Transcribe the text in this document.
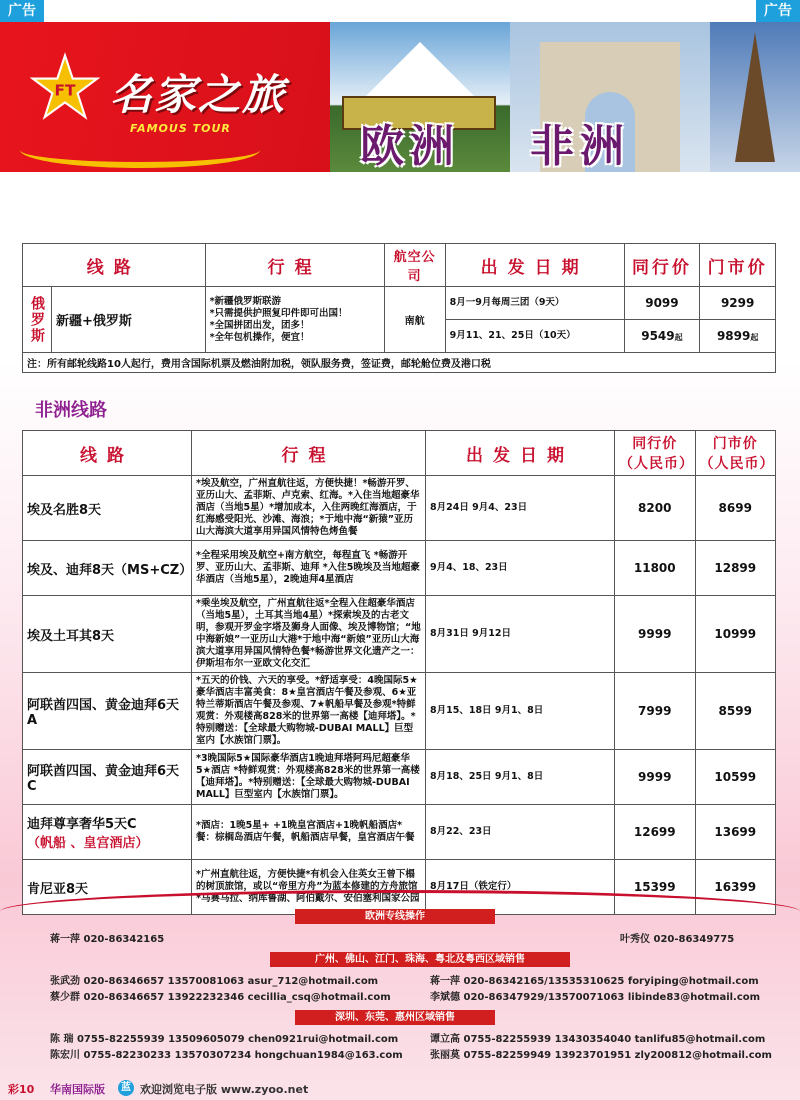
广告	广告
FT 名家之旅
FAMOUS TOUR	欧洲 非洲
线路		行程	航空公司	出发日期	同行价	门市价
俄罗斯	新疆+俄罗斯	*新疆俄罗斯联游
*只需提供护照复印件即可出国！
*全国拼团出发，团多！
*全年包机操作，便宜！	南航	8月一9月每周三团（9天）	9099	9299
				9月11、21、25日（10天）	9549起	9899起
注：所有邮轮线路10人起行，费用含国际机票及燃油附加税，领队服务费，签证费，邮轮舱位费及港口税						
非洲线路
线路	行程	出发日期	同行价（人民币）	门市价（人民币）

埃及名胜8天	*埃及航空，广州直航往返，方便快捷！*畅游开罗、亚历山大、孟菲斯、卢克索、红海。*入住当地超豪华酒店（当地5星）*增加成本，入住两晚红海酒店，于红海感受阳光、沙滩、海浪；*于地中海“新猿”亚历山大海滨大道享用异国风情特色烤鱼餐	8月24日 9月4、23日	8200	8699

埃及、迪拜8天（MS+CZ）	*全程采用埃及航空+南方航空，每程直飞 *畅游开罗、亚历山大、孟菲斯、迪拜 *入住5晚埃及当地超豪华酒店（当地5星），2晚迪拜4星酒店	9月4、18、23日	11800	12899

埃及土耳其8天	*乘坐埃及航空，广州直航往返*全程入住超豪华酒店（当地5星），土耳其当地4星）*探索埃及的古老文明，参观开罗金字塔及狮身人面像、埃及博物馆；“地中海新娘”一亚历山大港*于地中海“新娘”亚历山大海滨大道享用异国风情特色餐*畅游世界文化遗产之一：伊斯坦布尔一亚欧文化交汇	8月31日 9月12日	9999	10999

阿联酋四国、黄金迪拜6天A	*五天的价钱、六天的享受。*舒适享受：4晚国际5★豪华酒店丰富美食：8★皇宫酒店午餐及参观、6★亚特兰蒂斯酒店午餐及参观、7★帆船早餐及参观*特鲜观赏：外观楼高828米的世界第一高楼【迪拜塔】。*特别赠送：【全球最大购物城-DUBAI MALL】巨型室内【水族馆门票】。	8月15、18日 9月1、8日	7999	8599

阿联酋四国、黄金迪拜6天C	*3晚国际5★国际豪华酒店1晚迪拜塔阿玛尼超豪华5★酒店 *特鲜观赏：外观楼高828米的世界第一高楼【迪拜塔】。*特别赠送：【全球最大购物城-DUBAI MALL】巨型室内【水族馆门票】。	8月18、25日 9月1、8日	9999	10599

迪拜尊享奢华5天C
（帆船 、皇宫酒店）	*酒店：1晚5星+ +1晚皇宫酒店+1晚帆船酒店*餐：棕榈岛酒店午餐，帆船酒店早餐，皇宫酒店午餐	8月22、23日	12699	13699

肯尼亚8天	*广州直航往返，方便快捷*有机会入住英女王曾下榻的树顶旅馆，或以“帝里方舟”为蓝本修建的方舟旅馆*马赛马拉、纳库鲁湖、阿伯戴尔、安伯塞利国家公园	8月17日（铁定行）	15399	16399
欧洲专线操作
蒋一萍 020-86342165	叶秀仪 020-86349775
广州、佛山、江门、珠海、粤北及粤西区域销售
张武劲 020-86346657 13570081063 asur_712@hotmail.com	蒋一萍 020-86342165/13535310625 foryiping@hotmail.com
蔡少群 020-86346657 13922232346 cecillia_csq@hotmail.com	李斌德 020-86347929/13570071063 libinde83@hotmail.com
深圳、东莞、惠州区域销售
陈 瑞 0755-82255939 13509605079 chen0921rui@hotmail.com	谭立高 0755-82255939 13430354040 tanlifu85@hotmail.com
陈宏川 0755-82230233 13570307234 hongchuan1984@163.com	张丽莫 0755-82259949 13923701951 zly200812@hotmail.com
彩10 华南国际版	蓝 欢迎浏览电子版 www.zyoo.net
